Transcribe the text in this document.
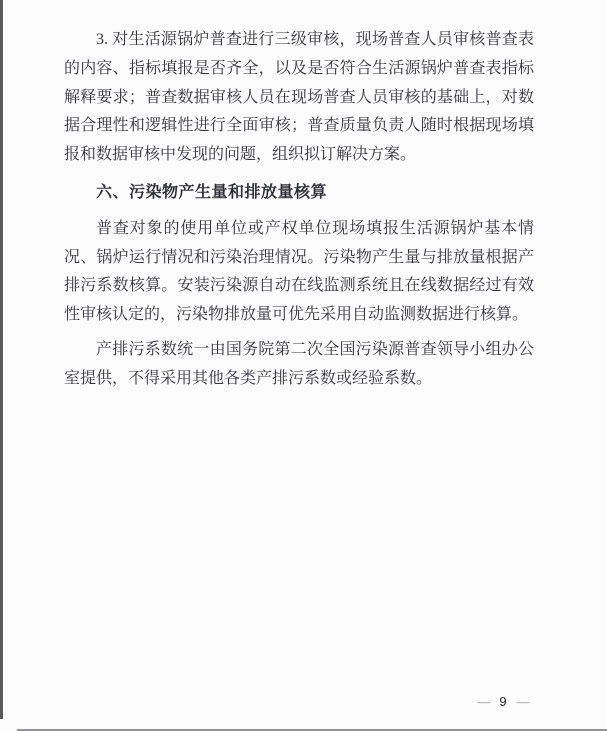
3. 对生活源锅炉普查进行三级审核，现场普查人员审核普查表的内容、指标填报是否齐全，以及是否符合生活源锅炉普查表指标解释要求；普查数据审核人员在现场普查人员审核的基础上，对数据合理性和逻辑性进行全面审核；普查质量负责人随时根据现场填报和数据审核中发现的问题，组织拟订解决方案。

六、污染物产生量和排放量核算

普查对象的使用单位或产权单位现场填报生活源锅炉基本情况、锅炉运行情况和污染治理情况。污染物产生量与排放量根据产排污系数核算。安装污染源自动在线监测系统且在线数据经过有效性审核认定的，污染物排放量可优先采用自动监测数据进行核算。

产排污系数统一由国务院第二次全国污染源普查领导小组办公室提供，不得采用其他各类产排污系数或经验系数。

— 9 —
